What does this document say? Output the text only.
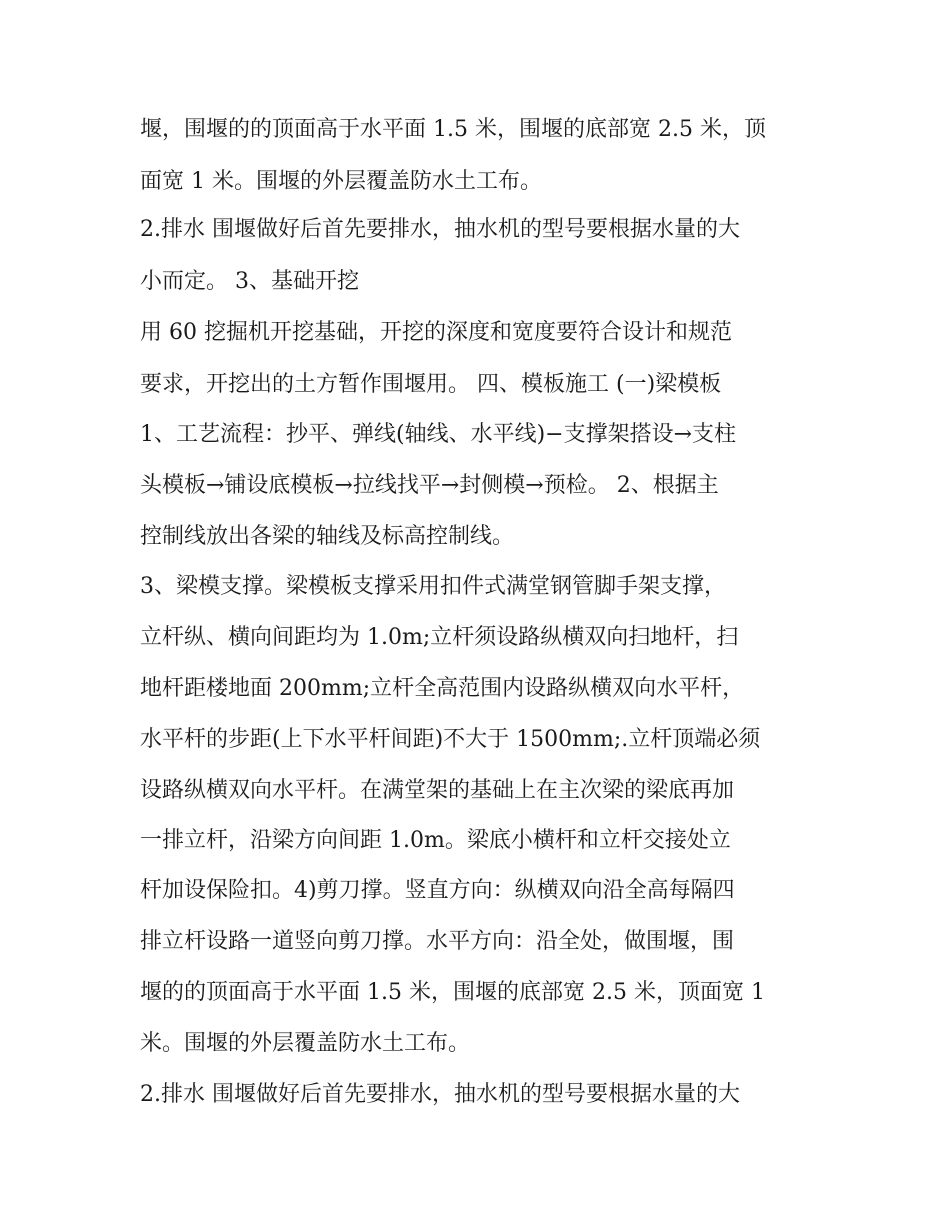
堰，围堰的的顶面高于水平面 1.5 米，围堰的底部宽 2.5 米，顶
面宽 1 米。围堰的外层覆盖防水土工布。
2.排水 围堰做好后首先要排水，抽水机的型号要根据水量的大
小而定。 3、基础开挖
用 60 挖掘机开挖基础，开挖的深度和宽度要符合设计和规范
要求，开挖出的土方暂作围堰用。 四、模板施工 (一)梁模板
1、工艺流程：抄平、弹线(轴线、水平线)−支撑架搭设→支柱
头模板→铺设底模板→拉线找平→封侧模→预检。 2、根据主
控制线放出各梁的轴线及标高控制线。
3、梁模支撑。梁模板支撑采用扣件式满堂钢管脚手架支撑，
立杆纵、横向间距均为 1.0m;立杆须设路纵横双向扫地杆，扫
地杆距楼地面 200mm;立杆全高范围内设路纵横双向水平杆，
水平杆的步距(上下水平杆间距)不大于 1500mm;.立杆顶端必须
设路纵横双向水平杆。在满堂架的基础上在主次梁的梁底再加
一排立杆，沿梁方向间距 1.0m。梁底小横杆和立杆交接处立
杆加设保险扣。4)剪刀撑。竖直方向：纵横双向沿全高每隔四
排立杆设路一道竖向剪刀撑。水平方向：沿全处，做围堰，围
堰的的顶面高于水平面 1.5 米，围堰的底部宽 2.5 米，顶面宽 1
米。围堰的外层覆盖防水土工布。
2.排水 围堰做好后首先要排水，抽水机的型号要根据水量的大
